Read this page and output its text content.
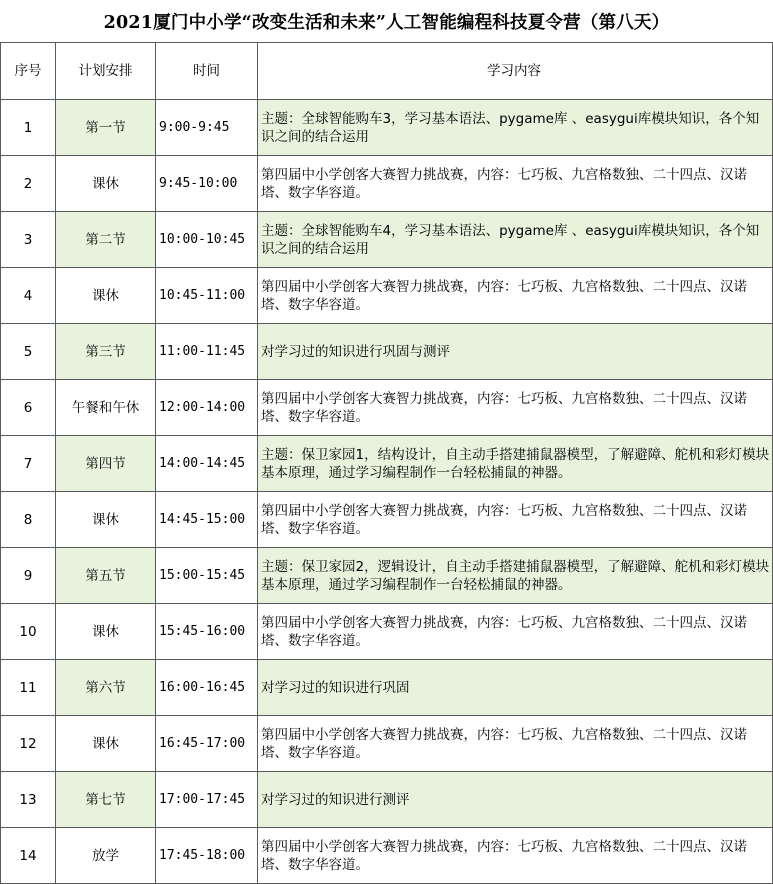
2021厦门中小学“改变生活和未来”人工智能编程科技夏令营（第八天）
序号	计划安排	时间	学习内容
1	第一节	9:00-9:45	主题：全球智能购车3，学习基本语法、pygame库 、easygui库模块知识，各个知识之间的结合运用
2	课休	9:45-10:00	第四届中小学创客大赛智力挑战赛，内容：七巧板、九宫格数独、二十四点、汉诺塔、数字华容道。
3	第二节	10:00-10:45	主题：全球智能购车4，学习基本语法、pygame库 、easygui库模块知识，各个知识之间的结合运用
4	课休	10:45-11:00	第四届中小学创客大赛智力挑战赛，内容：七巧板、九宫格数独、二十四点、汉诺塔、数字华容道。
5	第三节	11:00-11:45	对学习过的知识进行巩固与测评
6	午餐和午休	12:00-14:00	第四届中小学创客大赛智力挑战赛，内容：七巧板、九宫格数独、二十四点、汉诺塔、数字华容道。
7	第四节	14:00-14:45	主题：保卫家园1，结构设计，自主动手搭建捕鼠器模型，了解避障、舵机和彩灯模块基本原理，通过学习编程制作一台轻松捕鼠的神器。
8	课休	14:45-15:00	第四届中小学创客大赛智力挑战赛，内容：七巧板、九宫格数独、二十四点、汉诺塔、数字华容道。
9	第五节	15:00-15:45	主题：保卫家园2，逻辑设计，自主动手搭建捕鼠器模型，了解避障、舵机和彩灯模块基本原理，通过学习编程制作一台轻松捕鼠的神器。
10	课休	15:45-16:00	第四届中小学创客大赛智力挑战赛，内容：七巧板、九宫格数独、二十四点、汉诺塔、数字华容道。
11	第六节	16:00-16:45	对学习过的知识进行巩固
12	课休	16:45-17:00	第四届中小学创客大赛智力挑战赛，内容：七巧板、九宫格数独、二十四点、汉诺塔、数字华容道。
13	第七节	17:00-17:45	对学习过的知识进行测评
14	放学	17:45-18:00	第四届中小学创客大赛智力挑战赛，内容：七巧板、九宫格数独、二十四点、汉诺塔、数字华容道。
